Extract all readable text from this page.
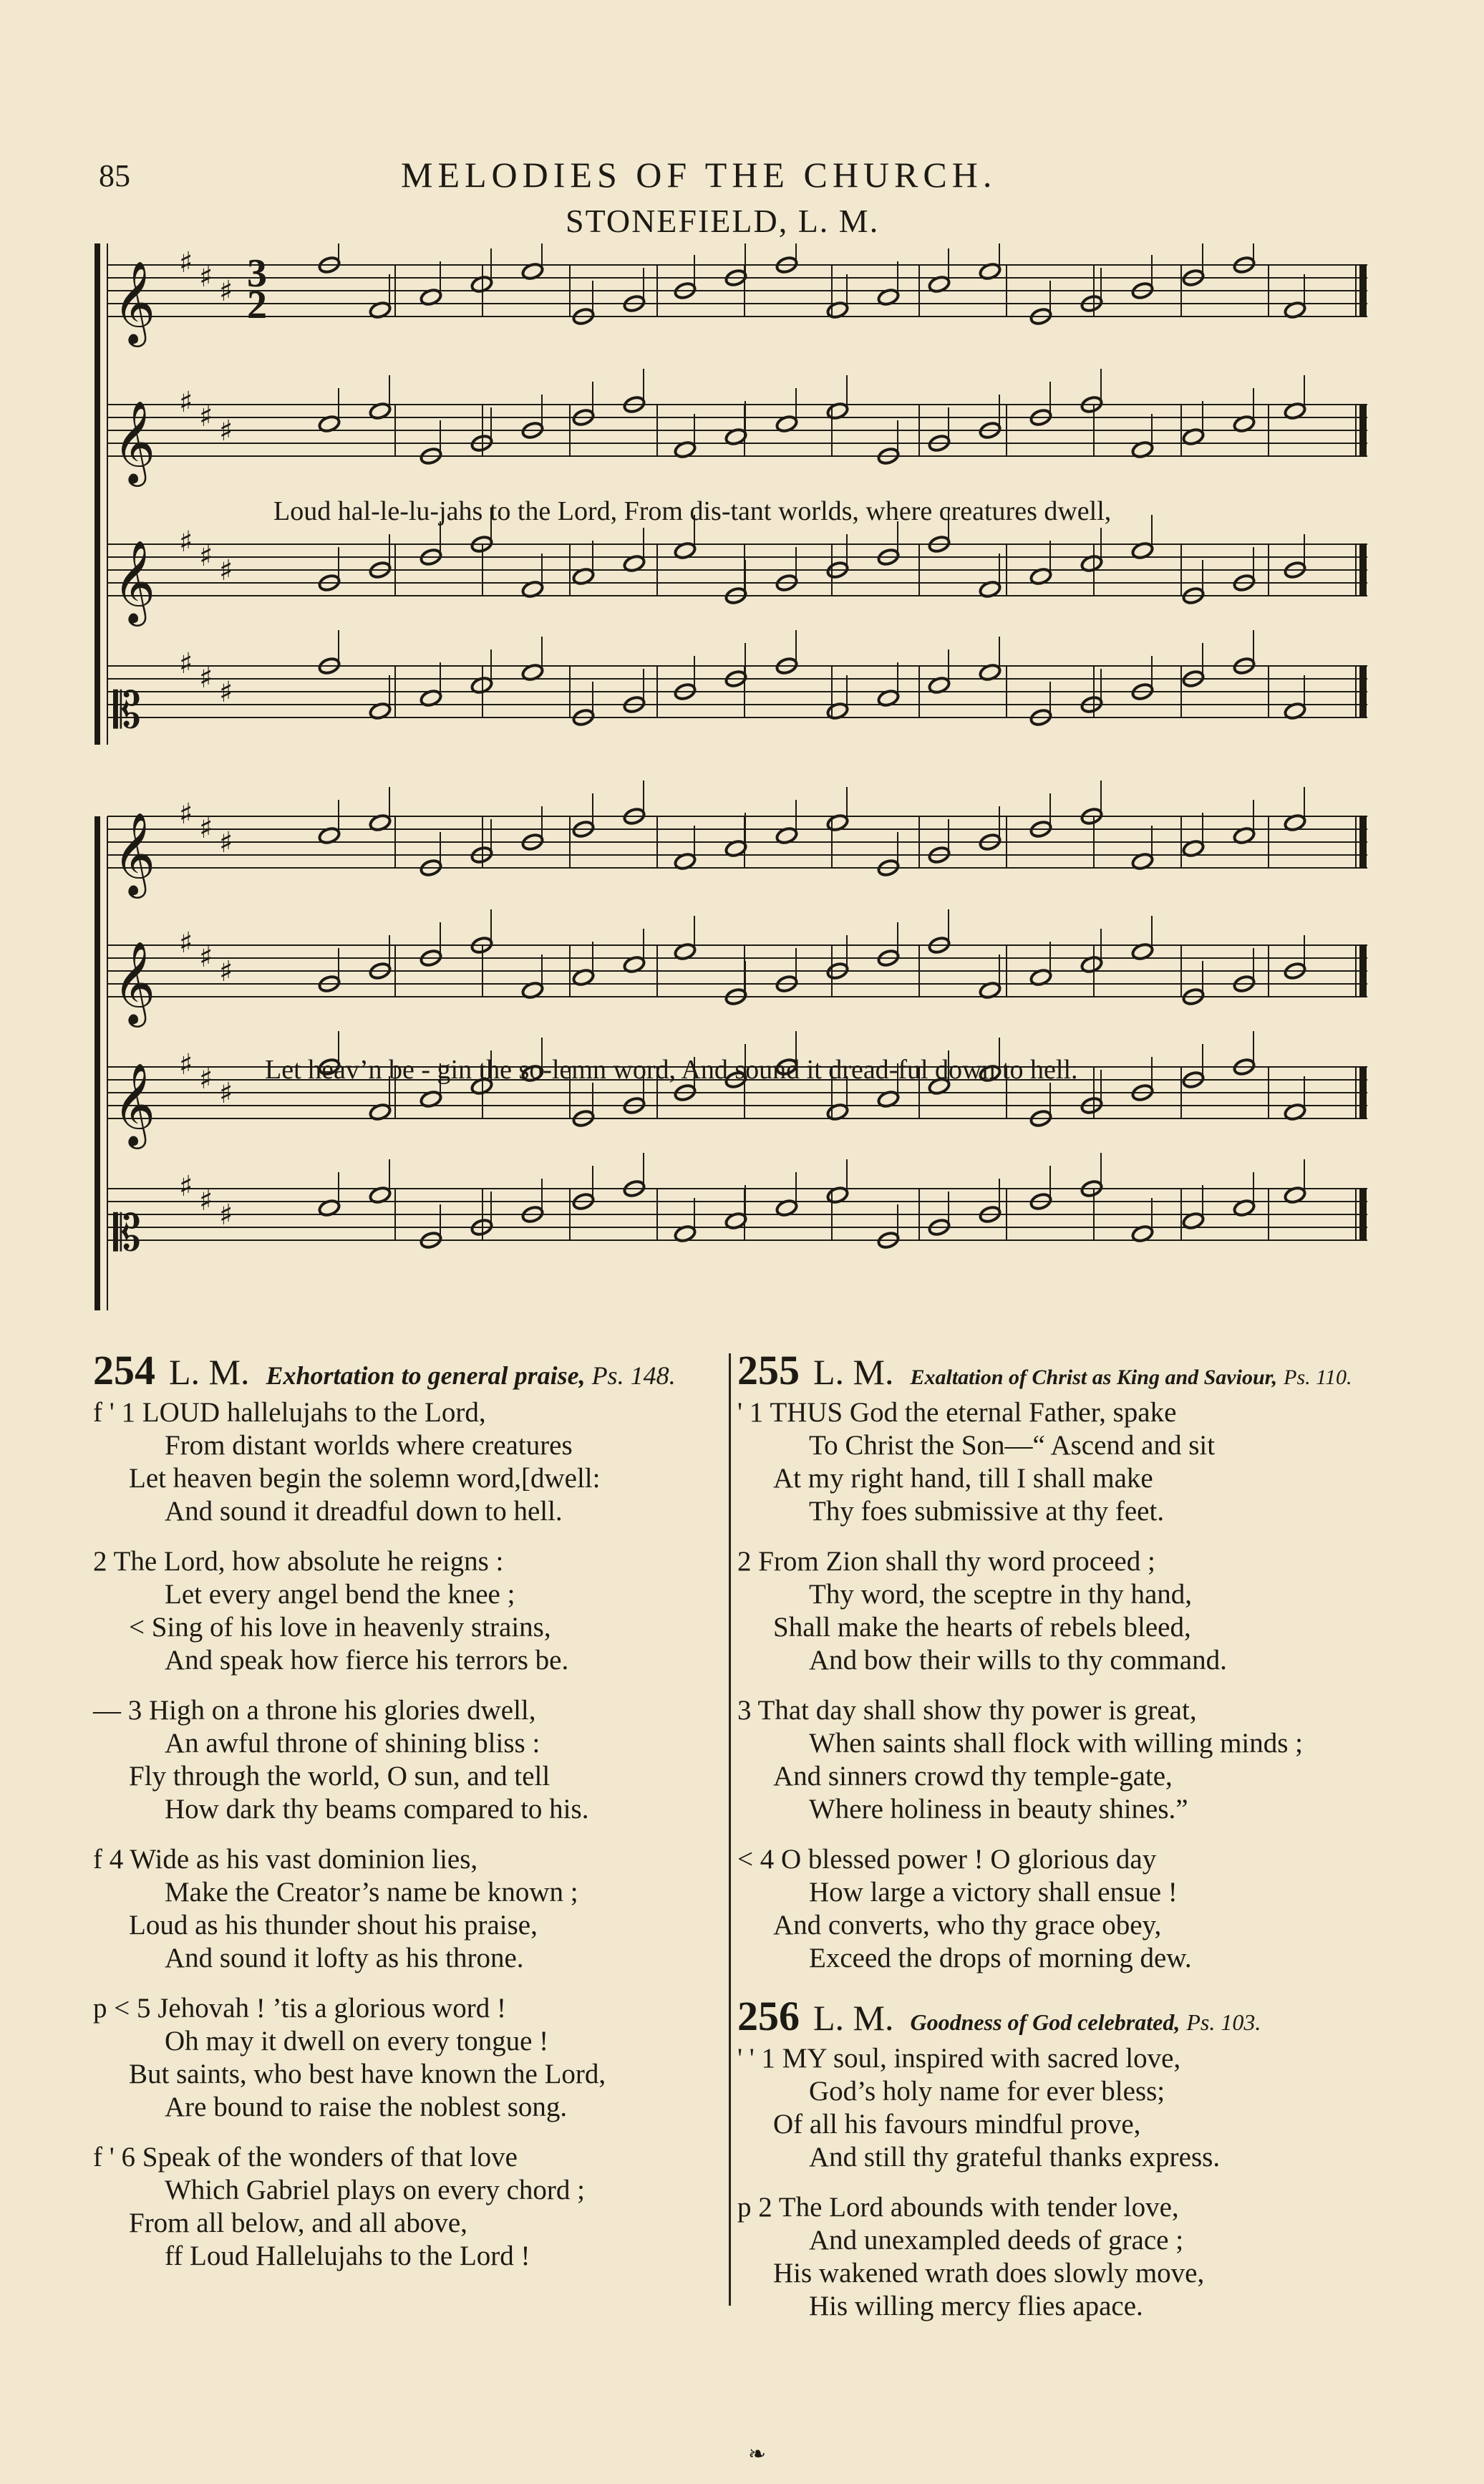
85	MELODIES OF THE CHURCH.
STONEFIELD, L. M.
𝄞 ♯ ♯ ♯
𝄞 ♯ ♯ ♯
𝄞 ♯ ♯ ♯
𝄡
♯ ♯ ♯
𝄞 ♯ ♯ ♯
𝄞 ♯ ♯ ♯
𝄞 ♯ ♯ ♯
𝄡
♯ ♯ ♯
3
2
Loud hal-le-lu-jahs to the Lord, From dis-tant worlds, where creatures dwell,
Let heav’n be - gin the so-lemn word, And sound it dread-ful down to hell.
254 L. M. Exhortation to general praise, Ps. 148.
f ' 1 LOUD hallelujahs to the Lord,
From distant worlds where creatures
Let heaven begin the solemn word,[dwell:
And sound it dreadful down to hell.
2 The Lord, how absolute he reigns :
Let every angel bend the knee ;
< Sing of his love in heavenly strains,
And speak how fierce his terrors be.
— 3 High on a throne his glories dwell,
An awful throne of shining bliss :
Fly through the world, O sun, and tell
How dark thy beams compared to his.
f 4 Wide as his vast dominion lies,
Make the Creator’s name be known ;
Loud as his thunder shout his praise,
And sound it lofty as his throne.
p < 5 Jehovah ! ’tis a glorious word !
Oh may it dwell on every tongue !
But saints, who best have known the Lord,
Are bound to raise the noblest song.
f ' 6 Speak of the wonders of that love
Which Gabriel plays on every chord ;
From all below, and all above,
ff Loud Hallelujahs to the Lord !
255 L. M. Exaltation of Christ as King and Saviour, Ps. 110.
' 1 THUS God the eternal Father, spake
To Christ the Son—“ Ascend and sit
At my right hand, till I shall make
Thy foes submissive at thy feet.
2 From Zion shall thy word proceed ;
Thy word, the sceptre in thy hand,
Shall make the hearts of rebels bleed,
And bow their wills to thy command.
3 That day shall show thy power is great,
When saints shall flock with willing minds ;
And sinners crowd thy temple-gate,
Where holiness in beauty shines.”
< 4 O blessed power ! O glorious day
How large a victory shall ensue !
And converts, who thy grace obey,
Exceed the drops of morning dew.
256 L. M. Goodness of God celebrated, Ps. 103.
' ' 1 MY soul, inspired with sacred love,
God’s holy name for ever bless;
Of all his favours mindful prove,
And still thy grateful thanks express.
p 2 The Lord abounds with tender love,
And unexampled deeds of grace ;
His wakened wrath does slowly move,
His willing mercy flies apace.
❧
